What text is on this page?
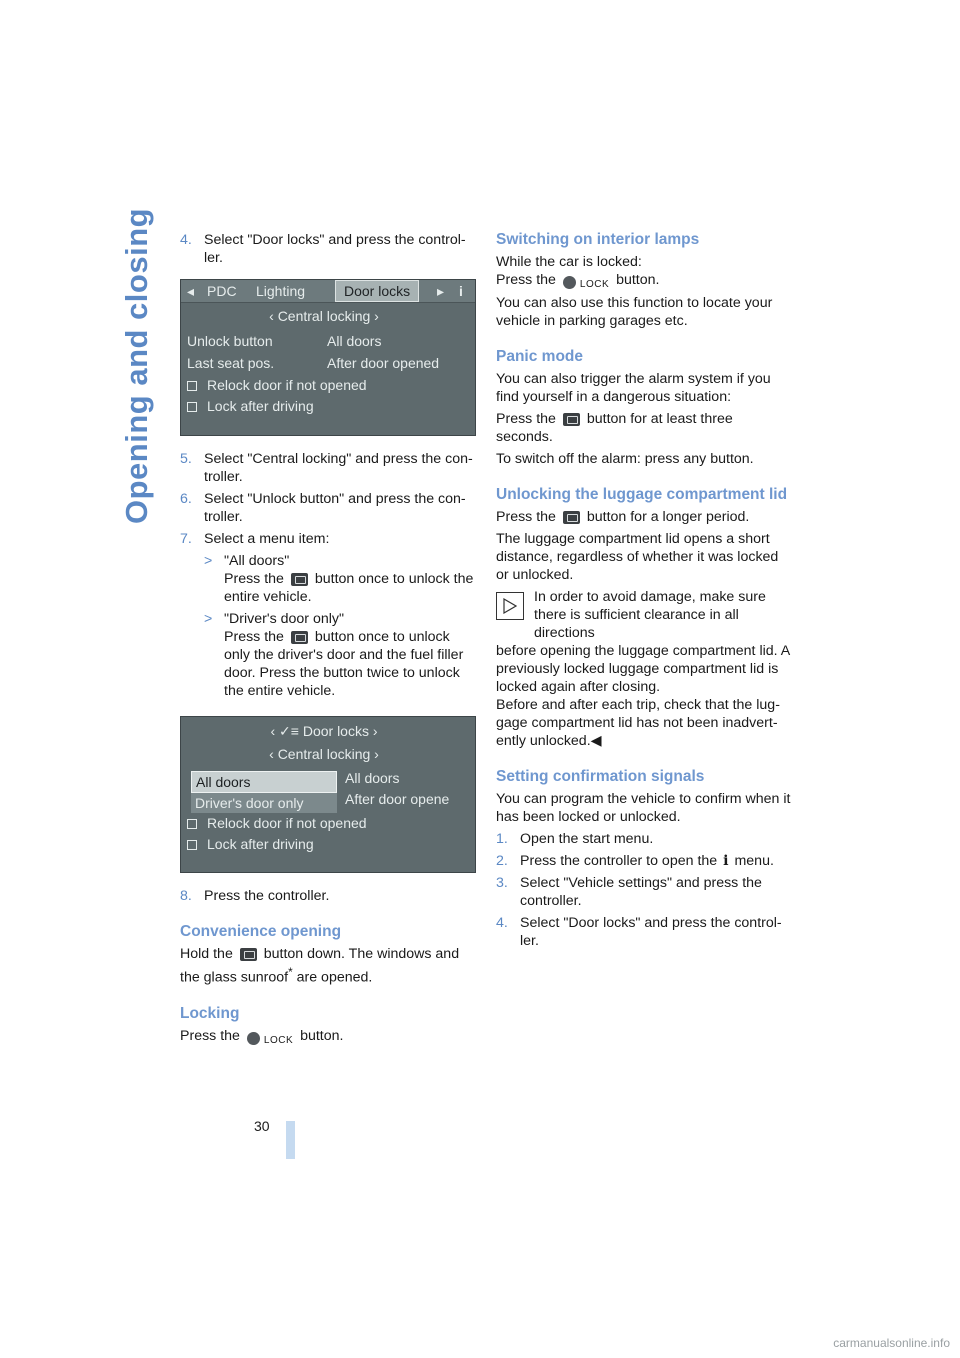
Opening and closing 4. Select "Door locks" and press the control-ler.
◂ PDC Lighting	Door locks	▸ i
‹ Central locking ›
Unlock button	All doors
Last seat pos.	After door opened
Relock door if not opened
Lock after driving
5. Select "Central locking" and press the con-troller.
6. Select "Unlock button" and press the con-troller.
7. Select a menu item:
> "All doors"
Press the button once to unlock the entire vehicle.
> "Driver's door only"
Press the button once to unlock only the driver's door and the fuel filler door. Press the button twice to unlock the entire vehicle.
‹ ✓≡ Door locks ›
‹ Central locking ›
All doors	All doors
Driver's door only	After door opene
Relock door if not opened
Lock after driving
8. Press the controller.
Convenience opening

Hold the button down. The windows and the glass sunroof* are opened.

Locking

Press the LOCK button.

Switching on interior lamps

While the car is locked:

Press the LOCK button.

You can also use this function to locate your vehicle in parking garages etc.

Panic mode

You can also trigger the alarm system if you find yourself in a dangerous situation:

Press the button for at least three seconds.

To switch off the alarm: press any button.

Unlocking the luggage compartment lid

Press the button for a longer period.

The luggage compartment lid opens a short distance, regardless of whether it was locked or unlocked.

In order to avoid damage, make sure there is sufficient clearance in all directions

before opening the luggage compartment lid. A previously locked luggage compartment lid is locked again after closing.

Before and after each trip, check that the lug-gage compartment lid has not been inadvert-ently unlocked.◀

Setting confirmation signals

You can program the vehicle to confirm when it has been locked or unlocked.

1. Open the start menu.
2. Press the controller to open the i menu.
3. Select "Vehicle settings" and press the controller.
4. Select "Door locks" and press the control-ler.
30
carmanualsonline.info
